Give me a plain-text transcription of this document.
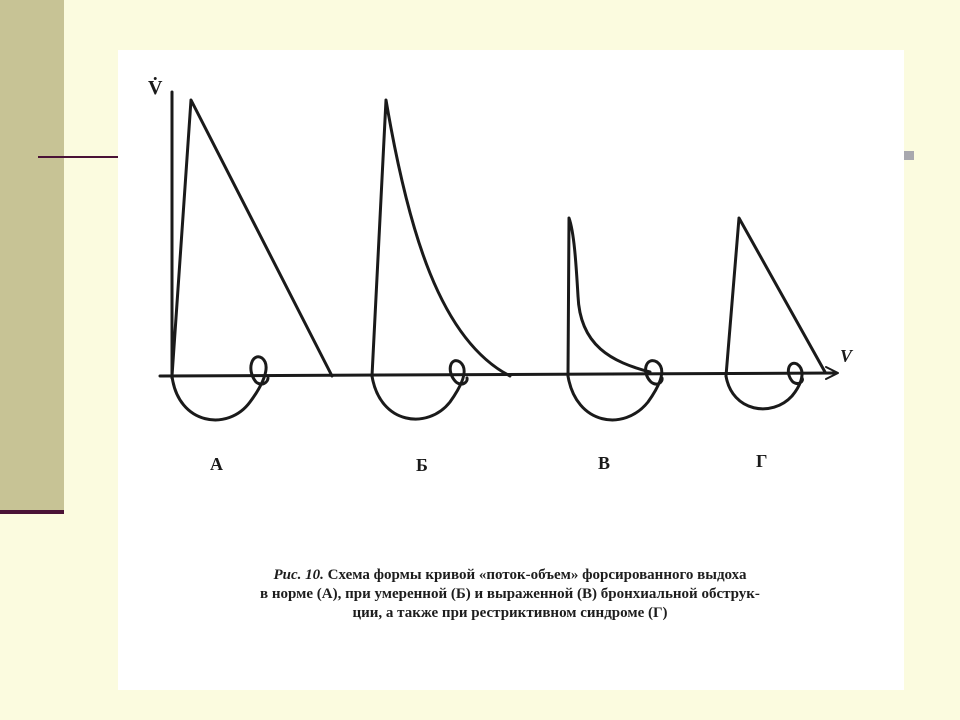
V̇
V
А	Б	В	Г
Рис. 10. Схема формы кривой «поток-объем» форсированного выдоха
в норме (А), при умеренной (Б) и выраженной (В) бронхиальной обструк-
ции, а также при рестриктивном синдроме (Г)
